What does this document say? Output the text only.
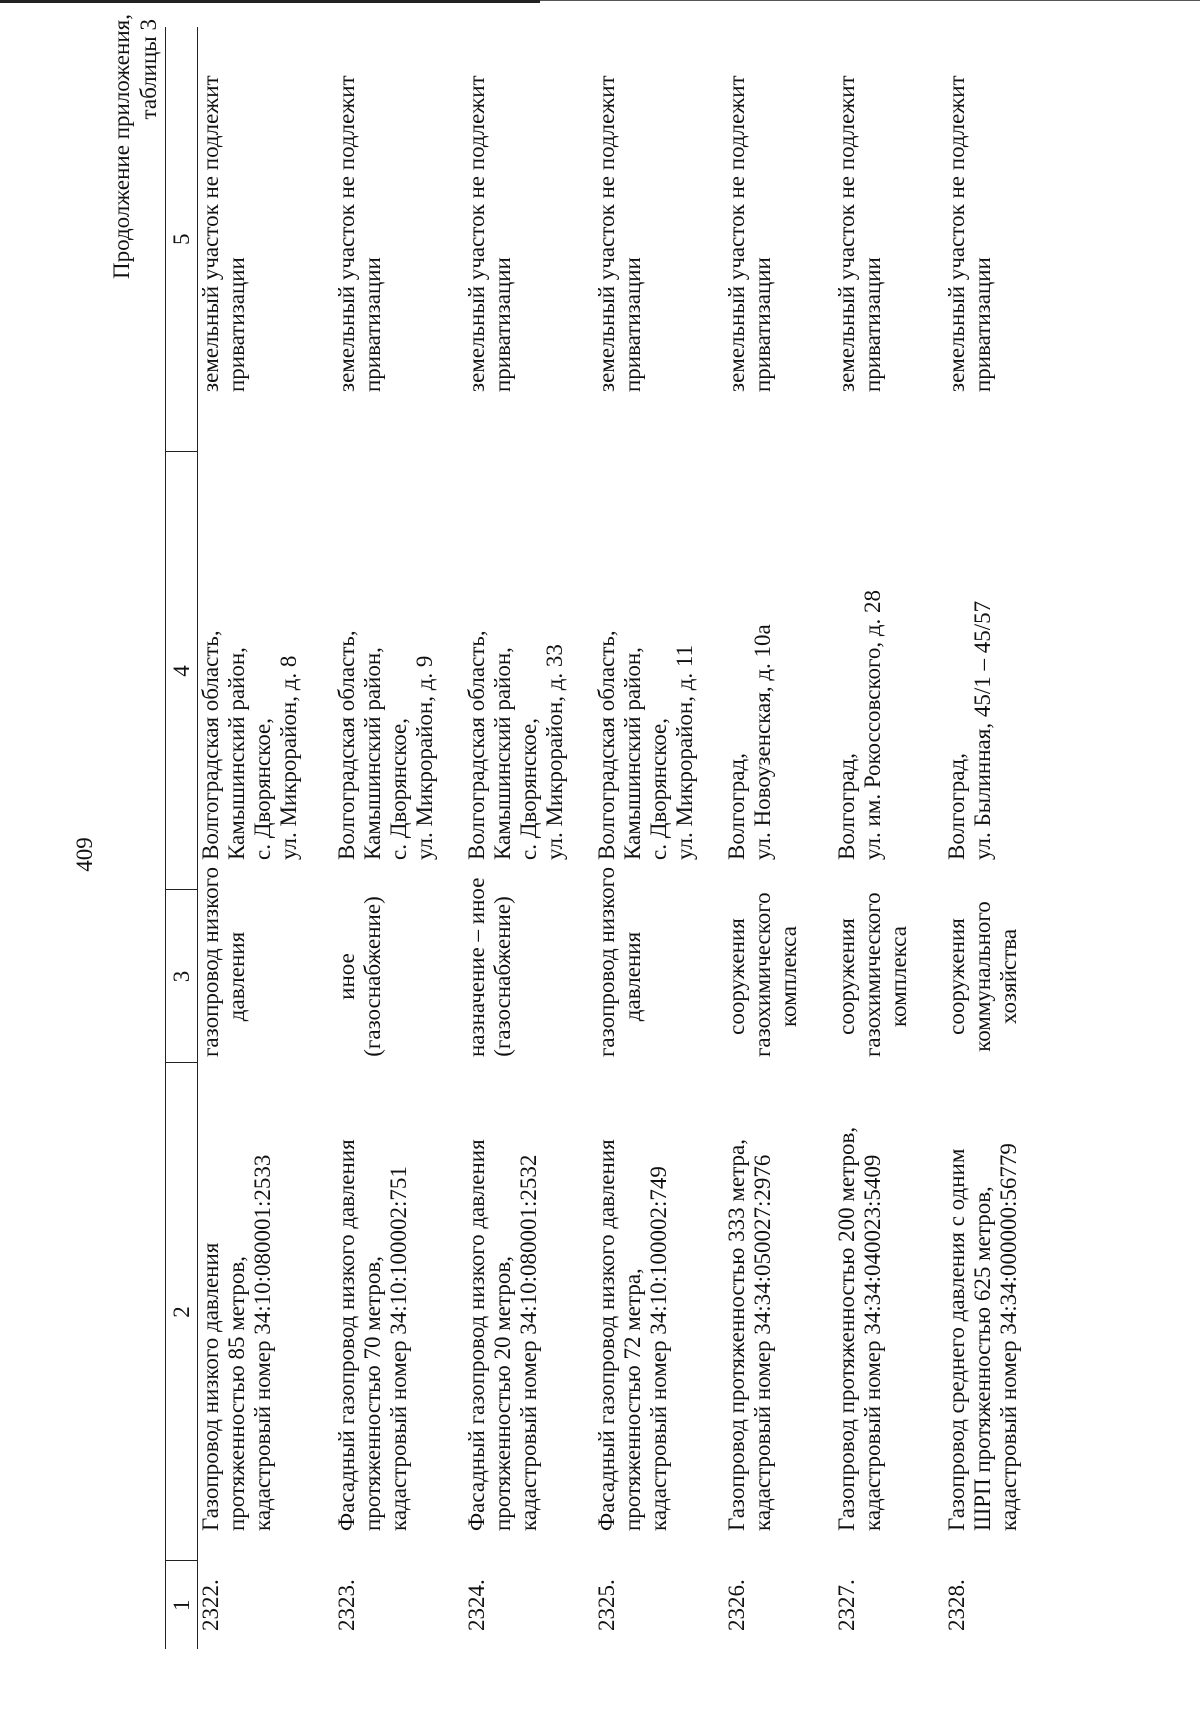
409
Продолжение приложения, таблицы 3
1	2	3	4	5
2322.	Газопровод низкого давления протяженностью 85 метров, кадастровый номер 34:10:080001:2533	газопровод низкого давления	Волгоградская область, Камышинский район, с. Дворянское, ул. Микрорайон, д. 8	земельный участок не подлежит приватизации

2323.	Фасадный газопровод низкого давления протяженностью 70 метров, кадастровый номер 34:10:100002:751	иное (газоснабжение)	Волгоградская область, Камышинский район, с. Дворянское, ул. Микрорайон, д. 9	земельный участок не подлежит приватизации

2324.	Фасадный газопровод низкого давления протяженностью 20 метров, кадастровый номер 34:10:080001:2532	назначение – иное (газоснабжение)	Волгоградская область, Камышинский район, с. Дворянское, ул. Микрорайон, д. 33	земельный участок не подлежит приватизации

2325.	Фасадный газопровод низкого давления протяженностью 72 метра, кадастровый номер 34:10:100002:749	газопровод низкого давления	Волгоградская область, Камышинский район, с. Дворянское, ул. Микрорайон, д. 11	земельный участок не подлежит приватизации

2326.	Газопровод протяженностью 333 метра, кадастровый номер 34:34:050027:2976	сооружения газохимического комплекса	Волгоград, ул. Новоузенская, д. 10а	земельный участок не подлежит приватизации

2327.	Газопровод протяженностью 200 метров, кадастровый номер 34:34:040023:5409	сооружения газохимического комплекса	Волгоград, ул. им. Рокоссовского, д. 28	земельный участок не подлежит приватизации

2328.	Газопровод среднего давления с одним ШРП протяженностью 625 метров, кадастровый номер 34:34:000000:56779	сооружения коммунального хозяйства	Волгоград, ул. Былинная, 45/1 – 45/57	земельный участок не подлежит приватизации
